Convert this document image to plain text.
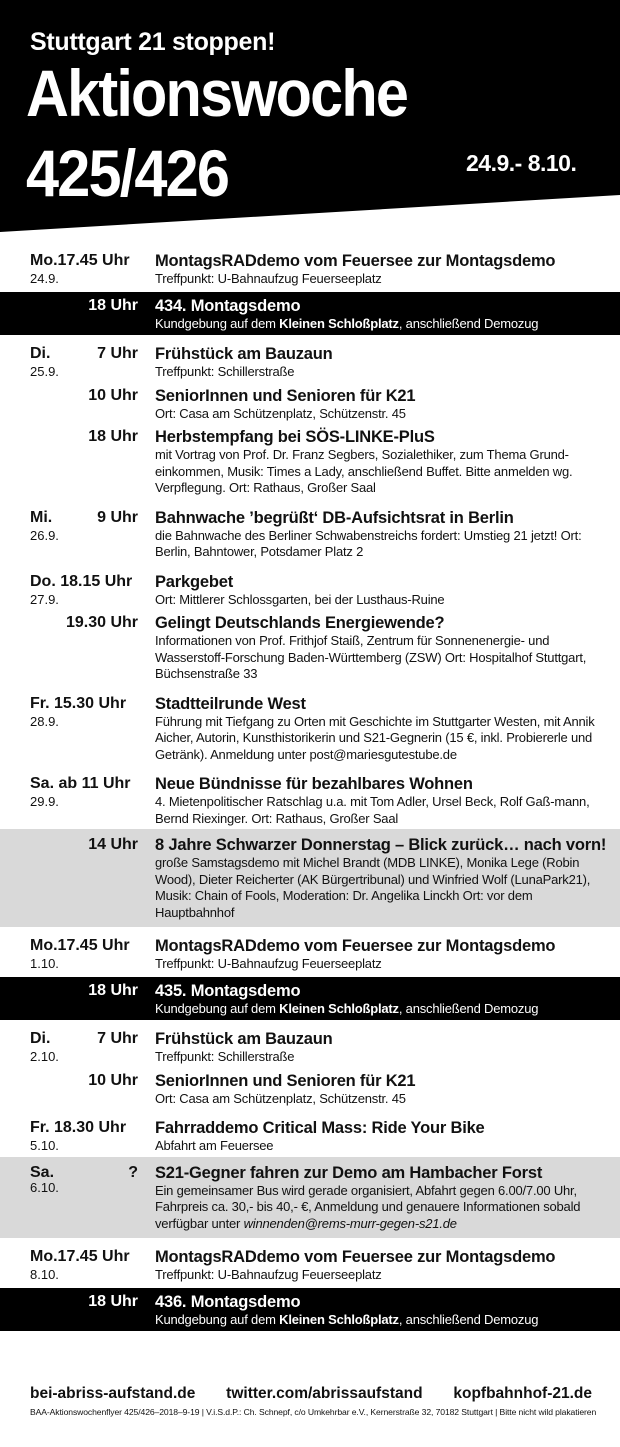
Stuttgart 21 stoppen!
Aktionswoche
425/426	24.9.- 8.10.
Mo.17.45 Uhr
24.9.
MontagsRADdemo vom Feuersee zur Montagsdemo
Treffpunkt: U-Bahnaufzug Feuerseeplatz
18 Uhr 434. Montagsdemo
Kundgebung auf dem Kleinen Schloßplatz, anschließend Demozug
Di.
25.9.
7 Uhr Frühstück am Bauzaun
Treffpunkt: Schillerstraße
10 Uhr SeniorInnen und Senioren für K21
Ort: Casa am Schützenplatz, Schützenstr. 45
18 Uhr Herbstempfang bei SÖS-LINKE-PluS
mit Vortrag von Prof. Dr. Franz Segbers, Sozialethiker, zum Thema Grund-einkommen, Musik: Times a Lady, anschließend Buffet. Bitte anmelden wg. Verpflegung. Ort: Rathaus, Großer Saal
Mi.
26.9.
9 Uhr Bahnwache ’begrüßt‘ DB-Aufsichtsrat in Berlin
die Bahnwache des Berliner Schwabenstreichs fordert: Umstieg 21 jetzt! Ort: Berlin, Bahntower, Potsdamer Platz 2
Do. 18.15 Uhr
27.9.
Parkgebet
Ort: Mittlerer Schlossgarten, bei der Lusthaus-Ruine
19.30 Uhr Gelingt Deutschlands Energiewende?
Informationen von Prof. Frithjof Staiß, Zentrum für Sonnenenergie- und Wasserstoff-Forschung Baden-Württemberg (ZSW) Ort: Hospitalhof Stuttgart, Büchsenstraße 33
Fr. 15.30 Uhr
28.9.
Stadtteilrunde West
Führung mit Tiefgang zu Orten mit Geschichte im Stuttgarter Westen, mit Annik Aicher, Autorin, Kunsthistorikerin und S21-Gegnerin (15 €, inkl. Probiererle und Getränk). Anmeldung unter post@mariesgutestube.de
Sa. ab 11 Uhr
29.9.
Neue Bündnisse für bezahlbares Wohnen
4. Mietenpolitischer Ratschlag u.a. mit Tom Adler, Ursel Beck, Rolf Gaß-mann, Bernd Riexinger. Ort: Rathaus, Großer Saal
14 Uhr 8 Jahre Schwarzer Donnerstag – Blick zurück… nach vorn!
große Samstagsdemo mit Michel Brandt (MDB LINKE), Monika Lege (Robin Wood), Dieter Reicherter (AK Bürgertribunal) und Winfried Wolf (LunaPark21), Musik: Chain of Fools, Moderation: Dr. Angelika Linckh Ort: vor dem Hauptbahnhof
Mo.17.45 Uhr
1.10.
MontagsRADdemo vom Feuersee zur Montagsdemo
Treffpunkt: U-Bahnaufzug Feuerseeplatz
18 Uhr 435. Montagsdemo
Kundgebung auf dem Kleinen Schloßplatz, anschließend Demozug
Di.
2.10.
7 Uhr Frühstück am Bauzaun
Treffpunkt: Schillerstraße
10 Uhr SeniorInnen und Senioren für K21
Ort: Casa am Schützenplatz, Schützenstr. 45
Fr. 18.30 Uhr
5.10.
Fahrraddemo Critical Mass: Ride Your Bike
Abfahrt am Feuersee
Sa.
6.10.
? S21-Gegner fahren zur Demo am Hambacher Forst
Ein gemeinsamer Bus wird gerade organisiert, Abfahrt gegen 6.00/7.00 Uhr, Fahrpreis ca. 30,- bis 40,- €, Anmeldung und genauere Informationen sobald verfügbar unter winnenden@rems-murr-gegen-s21.de
Mo.17.45 Uhr
8.10.
MontagsRADdemo vom Feuersee zur Montagsdemo
Treffpunkt: U-Bahnaufzug Feuerseeplatz
18 Uhr 436. Montagsdemo
Kundgebung auf dem Kleinen Schloßplatz, anschließend Demozug
bei-abriss-aufstand.de twitter.com/abrissaufstand kopfbahnhof-21.de
BAA-Aktionswochenflyer 425/426–2018–9-19 | V.i.S.d.P.: Ch. Schnepf, c/o Umkehrbar e.V., Kernerstraße 32, 70182 Stuttgart | Bitte nicht wild plakatieren
